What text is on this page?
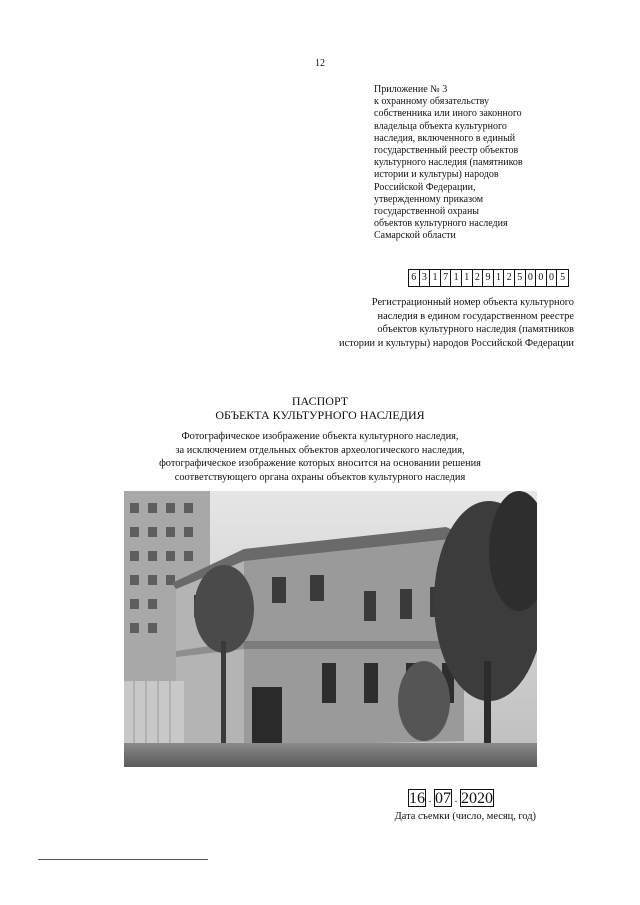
12
Приложение № 3
к охранному обязательству
собственника или иного законного
владельца объекта культурного
наследия, включенного в единый
государственный реестр объектов
культурного наследия (памятников
истории и культуры) народов
Российской Федерации,
утвержденному приказом
государственной охраны
объектов культурного наследия
Самарской области
6 3 1 7 1 1 2 9 1 2 5 0 0 0 5
Регистрационный номер объекта культурного
наследия в едином государственном реестре
объектов культурного наследия (памятников
истории и культуры) народов Российской Федерации
ПАСПОРТ
ОБЪЕКТА КУЛЬТУРНОГО НАСЛЕДИЯ
Фотографическое изображение объекта культурного наследия,
за исключением отдельных объектов археологического наследия,
фотографическое изображение которых вносится на основании решения
соответствующего органа охраны объектов культурного наследия
1 6 . 0 7 . 2 0 2 0
Дата съемки (число, месяц, год)
